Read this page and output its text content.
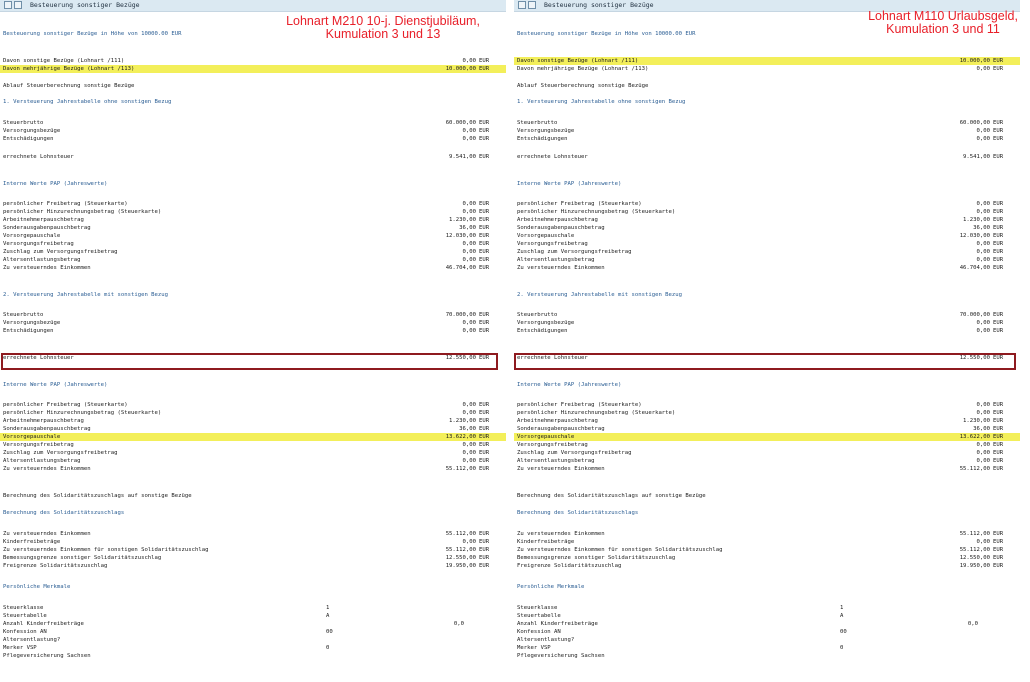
Besteuerung sonstiger Bezüge
Besteuerung sonstiger Bezüge in Höhe von 10000.00 EUR
Davon sonstige Bezüge (Lohnart /111)	0,00 EUR
Davon mehrjährige Bezüge (Lohnart /113)	10.000,00 EUR
Ablauf Steuerberechnung sonstige Bezüge
1. Versteuerung Jahrestabelle ohne sonstigen Bezug
Steuerbrutto	60.000,00 EUR
Versorgungsbezüge	0,00 EUR
Entschädigungen	0,00 EUR
errechnete Lohnsteuer	9.541,00 EUR
Interne Werte PAP (Jahreswerte)
persönlicher Freibetrag (Steuerkarte)	0,00 EUR
persönlicher Hinzurechnungsbetrag (Steuerkarte)	0,00 EUR
Arbeitnehmerpauschbetrag	1.230,00 EUR
Sonderausgabenpauschbetrag	36,00 EUR
Vorsorgepauschale	12.030,00 EUR
Versorgungsfreibetrag	0,00 EUR
Zuschlag zum Versorgungsfreibetrag	0,00 EUR
Altersentlastungsbetrag	0,00 EUR
Zu versteuerndes Einkommen	46.704,00 EUR
2. Versteuerung Jahrestabelle mit sonstigen Bezug
Steuerbrutto	70.000,00 EUR
Versorgungsbezüge	0,00 EUR
Entschädigungen	0,00 EUR
errechnete Lohnsteuer	12.550,00 EUR
Interne Werte PAP (Jahreswerte)
persönlicher Freibetrag (Steuerkarte)	0,00 EUR
persönlicher Hinzurechnungsbetrag (Steuerkarte)	0,00 EUR
Arbeitnehmerpauschbetrag	1.230,00 EUR
Sonderausgabenpauschbetrag	36,00 EUR
Vorsorgepauschale	13.622,00 EUR
Versorgungsfreibetrag	0,00 EUR
Zuschlag zum Versorgungsfreibetrag	0,00 EUR
Altersentlastungsbetrag	0,00 EUR
Zu versteuerndes Einkommen	55.112,00 EUR
Berechnung des Solidaritätszuschlags auf sonstige Bezüge
Berechnung des Solidaritätszuschlags
Zu versteuerndes Einkommen	55.112,00 EUR
Kinderfreibeträge	0,00 EUR
Zu versteuerndes Einkommen für sonstigen Solidaritätszuschlag	55.112,00 EUR
Bemessungsgrenze sonstiger Solidaritätszuschlag	12.550,00 EUR
Freigrenze Solidaritätszuschlag	19.950,00 EUR
Persönliche Merkmale
Steuerklasse	1
Steuertabelle	A
Anzahl Kinderfreibeträge	0,0
Konfession AN	00
Altersentlastung?
Merker VSP	0
Pflegeversicherung Sachsen
Lohnart M210 10-j. Dienstjubiläum,
Kumulation 3 und 13
Besteuerung sonstiger Bezüge
Besteuerung sonstiger Bezüge in Höhe von 10000.00 EUR
Davon sonstige Bezüge (Lohnart /111)	10.000,00 EUR
Davon mehrjährige Bezüge (Lohnart /113)	0,00 EUR
Ablauf Steuerberechnung sonstige Bezüge
1. Versteuerung Jahrestabelle ohne sonstigen Bezug
Steuerbrutto	60.000,00 EUR
Versorgungsbezüge	0,00 EUR
Entschädigungen	0,00 EUR
errechnete Lohnsteuer	9.541,00 EUR
Interne Werte PAP (Jahreswerte)
persönlicher Freibetrag (Steuerkarte)	0,00 EUR
persönlicher Hinzurechnungsbetrag (Steuerkarte)	0,00 EUR
Arbeitnehmerpauschbetrag	1.230,00 EUR
Sonderausgabenpauschbetrag	36,00 EUR
Vorsorgepauschale	12.030,00 EUR
Versorgungsfreibetrag	0,00 EUR
Zuschlag zum Versorgungsfreibetrag	0,00 EUR
Altersentlastungsbetrag	0,00 EUR
Zu versteuerndes Einkommen	46.704,00 EUR
2. Versteuerung Jahrestabelle mit sonstigen Bezug
Steuerbrutto	70.000,00 EUR
Versorgungsbezüge	0,00 EUR
Entschädigungen	0,00 EUR
errechnete Lohnsteuer	12.550,00 EUR
Interne Werte PAP (Jahreswerte)
persönlicher Freibetrag (Steuerkarte)	0,00 EUR
persönlicher Hinzurechnungsbetrag (Steuerkarte)	0,00 EUR
Arbeitnehmerpauschbetrag	1.230,00 EUR
Sonderausgabenpauschbetrag	36,00 EUR
Vorsorgepauschale	13.622,00 EUR
Versorgungsfreibetrag	0,00 EUR
Zuschlag zum Versorgungsfreibetrag	0,00 EUR
Altersentlastungsbetrag	0,00 EUR
Zu versteuerndes Einkommen	55.112,00 EUR
Berechnung des Solidaritätszuschlags auf sonstige Bezüge
Berechnung des Solidaritätszuschlags
Zu versteuerndes Einkommen	55.112,00 EUR
Kinderfreibeträge	0,00 EUR
Zu versteuerndes Einkommen für sonstigen Solidaritätszuschlag	55.112,00 EUR
Bemessungsgrenze sonstiger Solidaritätszuschlag	12.550,00 EUR
Freigrenze Solidaritätszuschlag	19.950,00 EUR
Persönliche Merkmale
Steuerklasse	1
Steuertabelle	A
Anzahl Kinderfreibeträge	0,0
Konfession AN	00
Altersentlastung?
Merker VSP	0
Pflegeversicherung Sachsen
Lohnart M110 Urlaubsgeld,
Kumulation 3 und 11
